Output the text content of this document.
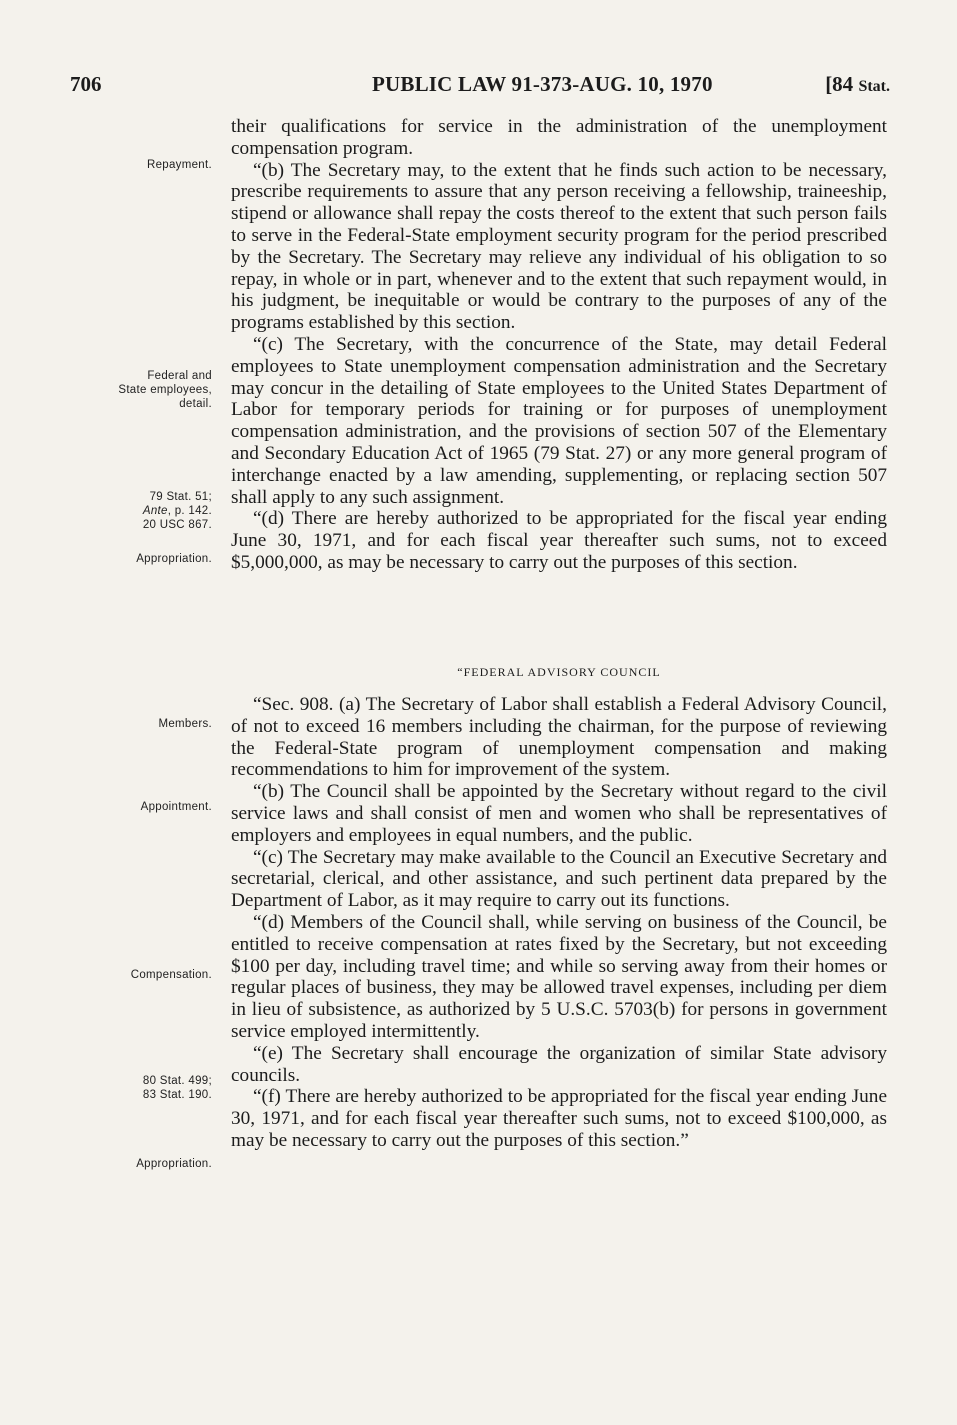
706	PUBLIC LAW 91-373-AUG. 10, 1970	[84 Stat.
Repayment.
Federal and
State employees,
detail.
79 Stat. 51;
Ante, p. 142.
20 USC 867.
Appropriation.
Members.
Appointment.
Compensation.
80 Stat. 499;
83 Stat. 190.
Appropriation.

their qualifications for service in the administration of the unemployment compensation program.

“(b) The Secretary may, to the extent that he finds such action to be necessary, prescribe requirements to assure that any person receiving a fellowship, traineeship, stipend or allowance shall repay the costs thereof to the extent that such person fails to serve in the Federal-State employment security program for the period prescribed by the Secretary. The Secretary may relieve any individual of his obligation to so repay, in whole or in part, whenever and to the extent that such repayment would, in his judgment, be inequitable or would be contrary to the purposes of any of the programs established by this section.

“(c) The Secretary, with the concurrence of the State, may detail Federal employees to State unemployment compensation administration and the Secretary may concur in the detailing of State employees to the United States Department of Labor for temporary periods for training or for purposes of unemployment compensation administration, and the provisions of section 507 of the Elementary and Secondary Education Act of 1965 (79 Stat. 27) or any more general program of interchange enacted by a law amending, supplementing, or replacing section 507 shall apply to any such assignment.

“(d) There are hereby authorized to be appropriated for the fiscal year ending June 30, 1971, and for each fiscal year thereafter such sums, not to exceed $5,000,000, as may be necessary to carry out the purposes of this section.

“FEDERAL ADVISORY COUNCIL

“Sec. 908. (a) The Secretary of Labor shall establish a Federal Advisory Council, of not to exceed 16 members including the chairman, for the purpose of reviewing the Federal-State program of unemployment compensation and making recommendations to him for improvement of the system.

“(b) The Council shall be appointed by the Secretary without regard to the civil service laws and shall consist of men and women who shall be representatives of employers and employees in equal numbers, and the public.

“(c) The Secretary may make available to the Council an Executive Secretary and secretarial, clerical, and other assistance, and such pertinent data prepared by the Department of Labor, as it may require to carry out its functions.

“(d) Members of the Council shall, while serving on business of the Council, be entitled to receive compensation at rates fixed by the Secretary, but not exceeding $100 per day, including travel time; and while so serving away from their homes or regular places of business, they may be allowed travel expenses, including per diem in lieu of subsistence, as authorized by 5 U.S.C. 5703(b) for persons in government service employed intermittently.

“(e) The Secretary shall encourage the organization of similar State advisory councils.

“(f) There are hereby authorized to be appropriated for the fiscal year ending June 30, 1971, and for each fiscal year thereafter such sums, not to exceed $100,000, as may be necessary to carry out the purposes of this section.”
